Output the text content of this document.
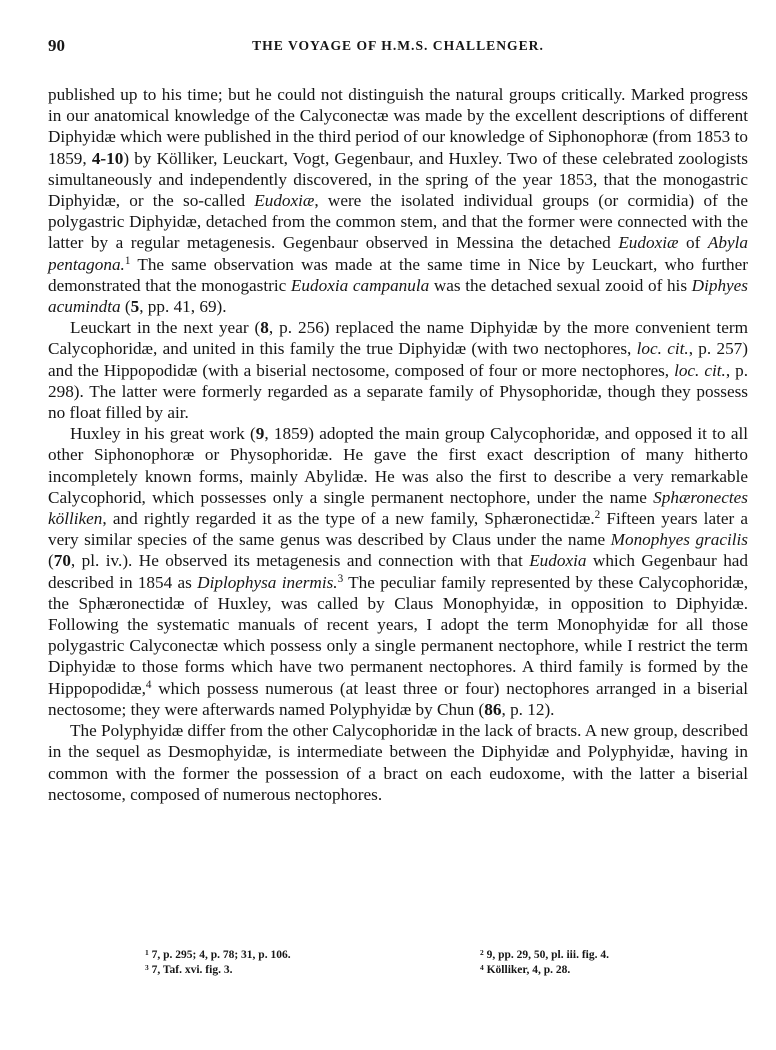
90	THE VOYAGE OF H.M.S. CHALLENGER.

published up to his time; but he could not distinguish the natural groups critically. Marked progress in our anatomical knowledge of the Calyconectæ was made by the excellent descriptions of different Diphyidæ which were published in the third period of our knowledge of Siphonophoræ (from 1853 to 1859, 4-10) by Kölliker, Leuckart, Vogt, Gegenbaur, and Huxley. Two of these celebrated zoologists simultaneously and independently discovered, in the spring of the year 1853, that the monogastric Diphyidæ, or the so-called Eudoxiæ, were the isolated individual groups (or cormidia) of the polygastric Diphyidæ, detached from the common stem, and that the former were connected with the latter by a regular metagenesis. Gegenbaur observed in Messina the detached Eudoxiæ of Abyla pentagona.$^1$ The same observation was made at the same time in Nice by Leuckart, who further demonstrated that the monogastric Eudoxia campanula was the detached sexual zooid of his Diphyes acumindta (5, pp. 41, 69).

Leuckart in the next year (8, p. 256) replaced the name Diphyidæ by the more convenient term Calycophoridæ, and united in this family the true Diphyidæ (with two nectophores, loc. cit., p. 257) and the Hippopodidæ (with a biserial nectosome, composed of four or more nectophores, loc. cit., p. 298). The latter were formerly regarded as a separate family of Physophoridæ, though they possess no float filled by air.

Huxley in his great work (9, 1859) adopted the main group Calycophoridæ, and opposed it to all other Siphonophoræ or Physophoridæ. He gave the first exact description of many hitherto incompletely known forms, mainly Abylidæ. He was also the first to describe a very remarkable Calycophorid, which possesses only a single permanent nectophore, under the name Sphæronectes kölliken, and rightly regarded it as the type of a new family, Sphæronectidæ.$^2$ Fifteen years later a very similar species of the same genus was described by Claus under the name Monophyes gracilis (70, pl. iv.). He observed its metagenesis and connection with that Eudoxia which Gegenbaur had described in 1854 as Diplophysa inermis.$^3$ The peculiar family represented by these Calycophoridæ, the Sphæronectidæ of Huxley, was called by Claus Monophyidæ, in opposition to Diphyidæ. Following the systematic manuals of recent years, I adopt the term Monophyidæ for all those polygastric Calyconectæ which possess only a single permanent nectophore, while I restrict the term Diphyidæ to those forms which have two permanent nectophores. A third family is formed by the Hippopodidæ,$^4$ which possess numerous (at least three or four) nectophores arranged in a biserial nectosome; they were afterwards named Polyphyidæ by Chun (86, p. 12).

The Polyphyidæ differ from the other Calycophoridæ in the lack of bracts. A new group, described in the sequel as Desmophyidæ, is intermediate between the Diphyidæ and Polyphyidæ, having in common with the former the possession of a bract on each eudoxome, with the latter a biserial nectosome, composed of numerous nectophores.

$^1$ 7, p. 295; 4, p. 78; 31, p. 106.
$^3$ 7, Taf. xvi. fig. 3.
$^2$ 9, pp. 29, 50, pl. iii. fig. 4.
$^4$ Kölliker, 4, p. 28.
